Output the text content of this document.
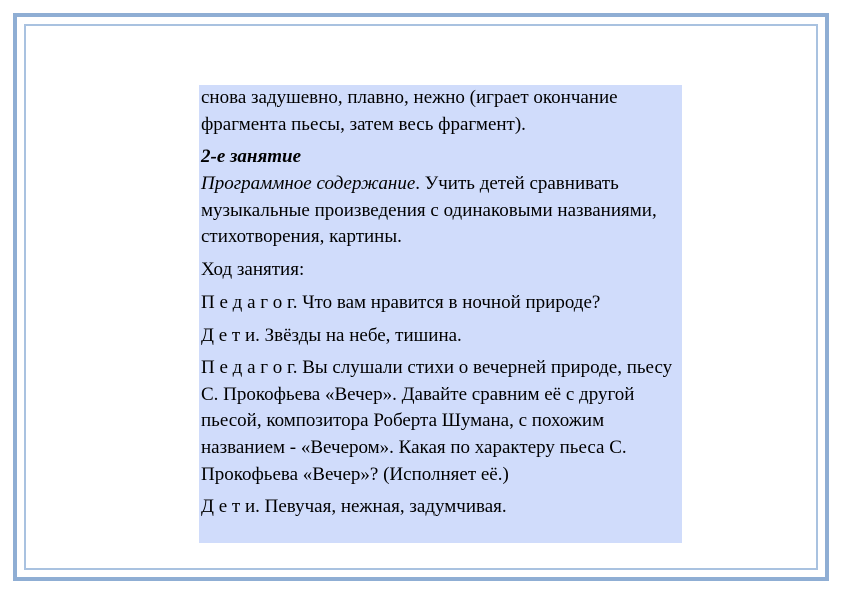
снова задушевно, плавно, нежно (играет окончание фрагмента пьесы, затем весь фрагмент).

2-е занятие

Программное содержание. Учить детей сравнивать музыкальные произведения с одинаковыми названиями, стихотворения, картины.

Ход занятия:

П е д а г о г. Что вам нравится в ночной природе?

Д е т и. Звёзды на небе, тишина.

П е д а г о г. Вы слушали стихи о вечерней природе, пьесу С. Прокофьева «Вечер». Давайте сравним её с другой пьесой, композитора Роберта Шумана, с похожим названием - «Вечером». Какая по характеру пьеса С. Прокофьева «Вечер»? (Исполняет её.)

Д е т и. Певучая, нежная, задумчивая.
